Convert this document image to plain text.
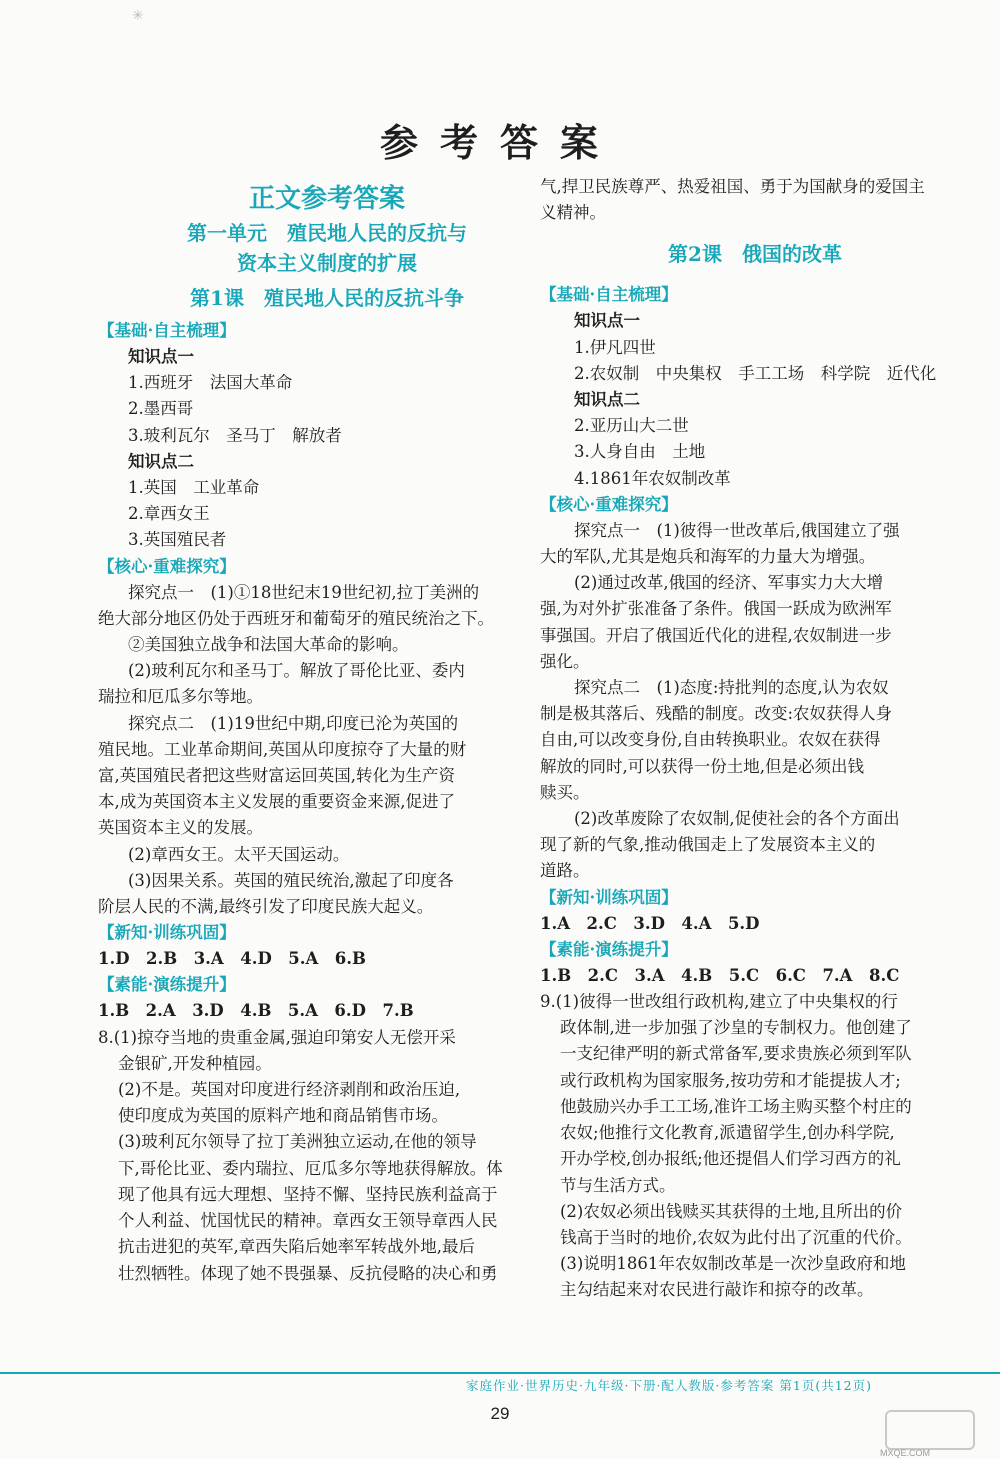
✳
参考答案
正文参考答案
第一单元　殖民地人民的反抗与
资本主义制度的扩展
第1课　殖民地人民的反抗斗争
【基础·自主梳理】
知识点一
1.西班牙　法国大革命
2.墨西哥
3.玻利瓦尔　圣马丁　解放者
知识点二
1.英国　工业革命
2.章西女王
3.英国殖民者
【核心·重难探究】
探究点一　(1)①18世纪末19世纪初,拉丁美洲的
绝大部分地区仍处于西班牙和葡萄牙的殖民统治之下。
②美国独立战争和法国大革命的影响。
(2)玻利瓦尔和圣马丁。解放了哥伦比亚、委内
瑞拉和厄瓜多尔等地。
探究点二　(1)19世纪中期,印度已沦为英国的
殖民地。工业革命期间,英国从印度掠夺了大量的财
富,英国殖民者把这些财富运回英国,转化为生产资
本,成为英国资本主义发展的重要资金来源,促进了
英国资本主义的发展。
(2)章西女王。太平天国运动。
(3)因果关系。英国的殖民统治,激起了印度各
阶层人民的不满,最终引发了印度民族大起义。
【新知·训练巩固】
1.D　2.B　3.A　4.D　5.A　6.B
【素能·演练提升】
1.B　2.A　3.D　4.B　5.A　6.D　7.B
8.(1)掠夺当地的贵重金属,强迫印第安人无偿开采
金银矿,开发种植园。
(2)不是。英国对印度进行经济剥削和政治压迫,
使印度成为英国的原料产地和商品销售市场。
(3)玻利瓦尔领导了拉丁美洲独立运动,在他的领导
下,哥伦比亚、委内瑞拉、厄瓜多尔等地获得解放。体
现了他具有远大理想、坚持不懈、坚持民族利益高于
个人利益、忧国忧民的精神。章西女王领导章西人民
抗击进犯的英军,章西失陷后她率军转战外地,最后
壮烈牺牲。体现了她不畏强暴、反抗侵略的决心和勇
气,捍卫民族尊严、热爱祖国、勇于为国献身的爱国主
义精神。
第2课　俄国的改革
【基础·自主梳理】
知识点一
1.伊凡四世
2.农奴制　中央集权　手工工场　科学院　近代化
知识点二
2.亚历山大二世
3.人身自由　土地
4.1861年农奴制改革
【核心·重难探究】
探究点一　(1)彼得一世改革后,俄国建立了强
大的军队,尤其是炮兵和海军的力量大为增强。
(2)通过改革,俄国的经济、军事实力大大增
强,为对外扩张准备了条件。俄国一跃成为欧洲军
事强国。开启了俄国近代化的进程,农奴制进一步
强化。
探究点二　(1)态度:持批判的态度,认为农奴
制是极其落后、残酷的制度。改变:农奴获得人身
自由,可以改变身份,自由转换职业。农奴在获得
解放的同时,可以获得一份土地,但是必须出钱
赎买。
(2)改革废除了农奴制,促使社会的各个方面出
现了新的气象,推动俄国走上了发展资本主义的
道路。
【新知·训练巩固】
1.A　2.C　3.D　4.A　5.D
【素能·演练提升】
1.B　2.C　3.A　4.B　5.C　6.C　7.A　8.C
9.(1)彼得一世改组行政机构,建立了中央集权的行
政体制,进一步加强了沙皇的专制权力。他创建了
一支纪律严明的新式常备军,要求贵族必须到军队
或行政机构为国家服务,按功劳和才能提拔人才;
他鼓励兴办手工工场,准许工场主购买整个村庄的
农奴;他推行文化教育,派遣留学生,创办科学院,
开办学校,创办报纸;他还提倡人们学习西方的礼
节与生活方式。
(2)农奴必须出钱赎买其获得的土地,且所出的价
钱高于当时的地价,农奴为此付出了沉重的代价。
(3)说明1861年农奴制改革是一次沙皇政府和地
主勾结起来对农民进行敲诈和掠夺的改革。
家庭作业·世界历史·九年级·下册·配人教版·参考答案 第1页(共12页)
29
MXQE.COM
